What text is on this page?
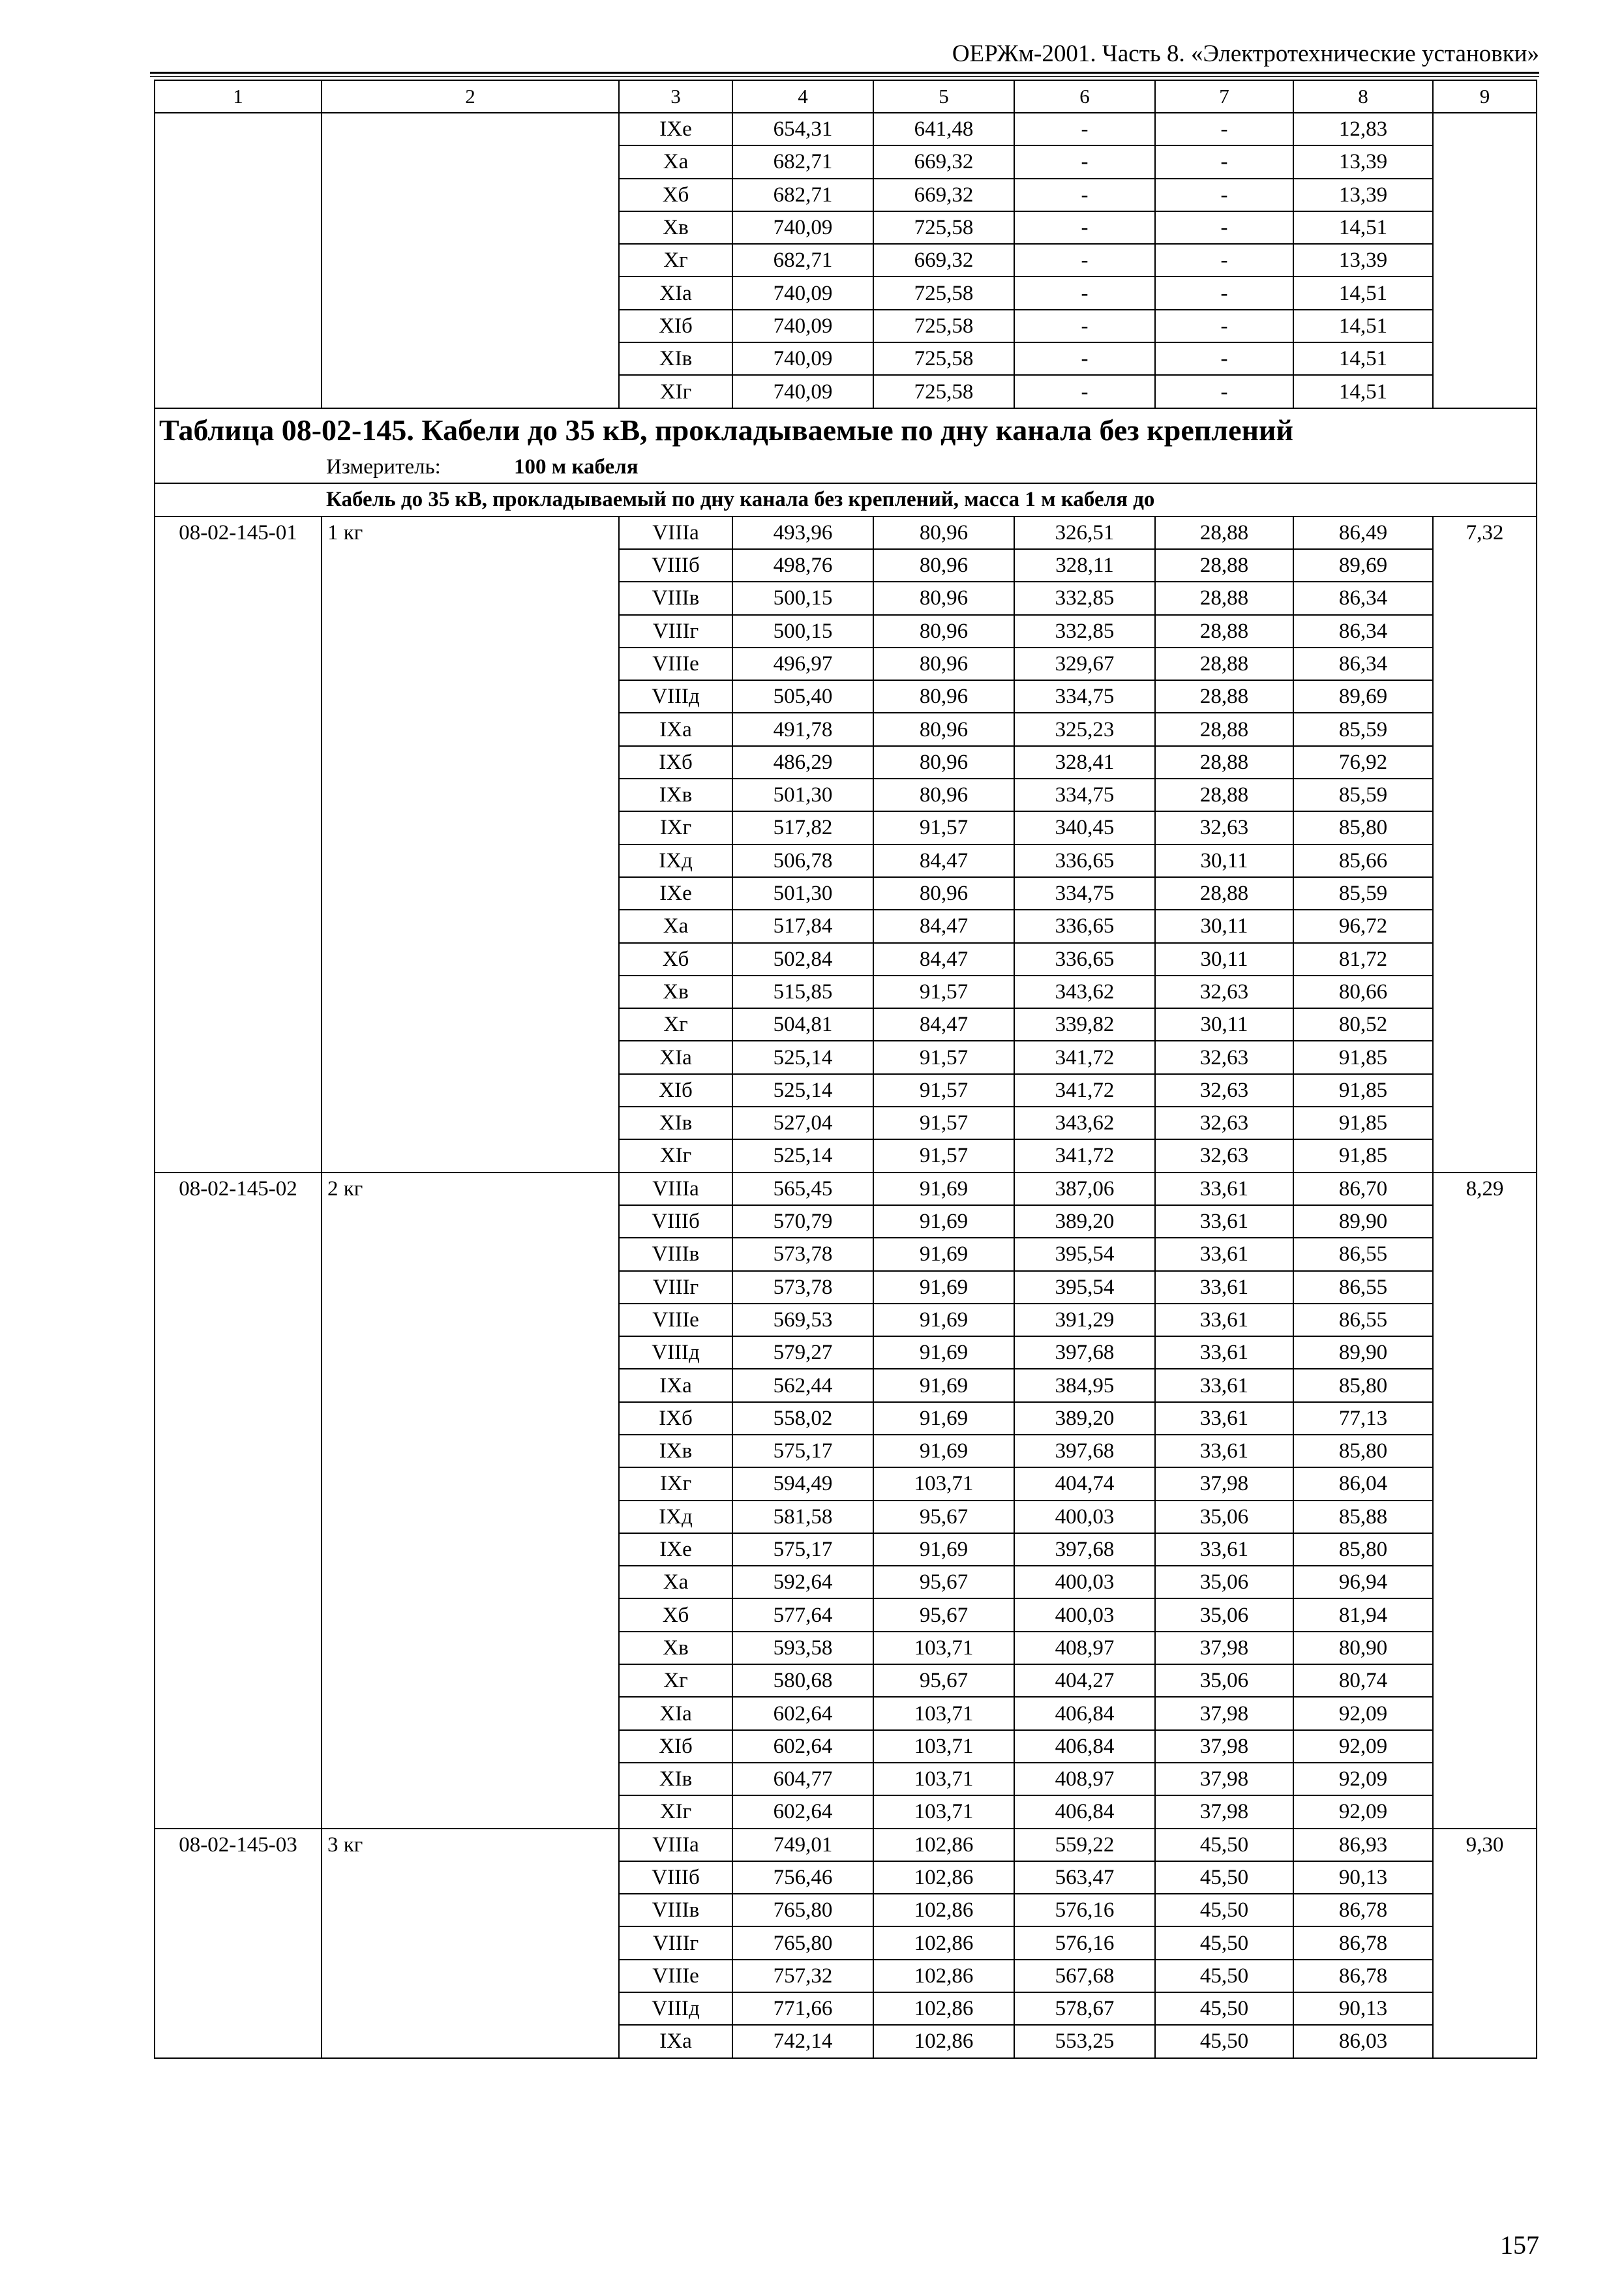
ОЕРЖм-2001. Часть 8. «Электротехнические установки»
1	2	3	4	5	6	7	8	9
		IXе	654,31	641,48	-	-	12,83	
		Xа	682,71	669,32	-	-	13,39	
		Xб	682,71	669,32	-	-	13,39	
		Xв	740,09	725,58	-	-	14,51	
		Xг	682,71	669,32	-	-	13,39	
		XIа	740,09	725,58	-	-	14,51	
		XIб	740,09	725,58	-	-	14,51	
		XIв	740,09	725,58	-	-	14,51	
		XIг	740,09	725,58	-	-	14,51	
Таблица 08-02-145. Кабели до 35 кВ, прокладываемые по дну канала без креплений								
Измеритель: 100 м кабеля								
Кабель до 35 кВ, прокладываемый по дну канала без креплений, масса 1 м кабеля до								
08-02-145-01	1 кг	VIIIа	493,96	80,96	326,51	28,88	86,49	7,32
		VIIIб	498,76	80,96	328,11	28,88	89,69	
		VIIIв	500,15	80,96	332,85	28,88	86,34	
		VIIIг	500,15	80,96	332,85	28,88	86,34	
		VIIIе	496,97	80,96	329,67	28,88	86,34	
		VIIIд	505,40	80,96	334,75	28,88	89,69	
		IXа	491,78	80,96	325,23	28,88	85,59	
		IXб	486,29	80,96	328,41	28,88	76,92	
		IXв	501,30	80,96	334,75	28,88	85,59	
		IXг	517,82	91,57	340,45	32,63	85,80	
		IXд	506,78	84,47	336,65	30,11	85,66	
		IXе	501,30	80,96	334,75	28,88	85,59	
		Xа	517,84	84,47	336,65	30,11	96,72	
		Xб	502,84	84,47	336,65	30,11	81,72	
		Xв	515,85	91,57	343,62	32,63	80,66	
		Xг	504,81	84,47	339,82	30,11	80,52	
		XIа	525,14	91,57	341,72	32,63	91,85	
		XIб	525,14	91,57	341,72	32,63	91,85	
		XIв	527,04	91,57	343,62	32,63	91,85	
		XIг	525,14	91,57	341,72	32,63	91,85	
08-02-145-02	2 кг	VIIIа	565,45	91,69	387,06	33,61	86,70	8,29
		VIIIб	570,79	91,69	389,20	33,61	89,90	
		VIIIв	573,78	91,69	395,54	33,61	86,55	
		VIIIг	573,78	91,69	395,54	33,61	86,55	
		VIIIе	569,53	91,69	391,29	33,61	86,55	
		VIIIд	579,27	91,69	397,68	33,61	89,90	
		IXа	562,44	91,69	384,95	33,61	85,80	
		IXб	558,02	91,69	389,20	33,61	77,13	
		IXв	575,17	91,69	397,68	33,61	85,80	
		IXг	594,49	103,71	404,74	37,98	86,04	
		IXд	581,58	95,67	400,03	35,06	85,88	
		IXе	575,17	91,69	397,68	33,61	85,80	
		Xа	592,64	95,67	400,03	35,06	96,94	
		Xб	577,64	95,67	400,03	35,06	81,94	
		Xв	593,58	103,71	408,97	37,98	80,90	
		Xг	580,68	95,67	404,27	35,06	80,74	
		XIа	602,64	103,71	406,84	37,98	92,09	
		XIб	602,64	103,71	406,84	37,98	92,09	
		XIв	604,77	103,71	408,97	37,98	92,09	
		XIг	602,64	103,71	406,84	37,98	92,09	
08-02-145-03	3 кг	VIIIа	749,01	102,86	559,22	45,50	86,93	9,30
		VIIIб	756,46	102,86	563,47	45,50	90,13	
		VIIIв	765,80	102,86	576,16	45,50	86,78	
		VIIIг	765,80	102,86	576,16	45,50	86,78	
		VIIIе	757,32	102,86	567,68	45,50	86,78	
		VIIIд	771,66	102,86	578,67	45,50	90,13	
		IXа	742,14	102,86	553,25	45,50	86,03	
157
